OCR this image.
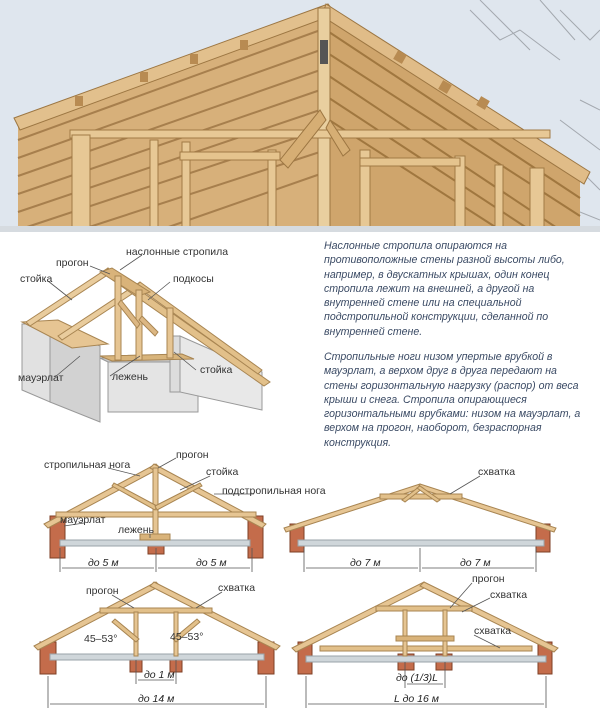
наслонные стропила
прогон
стойка	подкосы
мауэрлат	лежень
стойка
стропильная нога
прогон
стойка
подстропильная нога
мауэрлат
лежень
до 5 м	до 5 м
схватка
до 7 м	до 7 м
прогон	схватка
45–53°	45–53°
до 1 м
до 14 м
прогон
схватка
схватка
до (1/3)L
L до 16 м

Наслонные стропила опираются на противоположные стены разной высоты либо, например, в двускатных крышах, один конец стропила лежит на внешней, а другой на внутренней стене или на специальной подстропильной конструкции, сделанной по внутренней стене.

Стропильные ноги низом упертые врубкой в мауэрлат, а верхом друг в друга передают на стены горизонтальную нагрузку (распор) от веса крыши и снега. Стропила опирающиеся горизонтальными врубками: низом на мауэрлат, а верхом на прогон, наоборот, безраспорная конструкция.
